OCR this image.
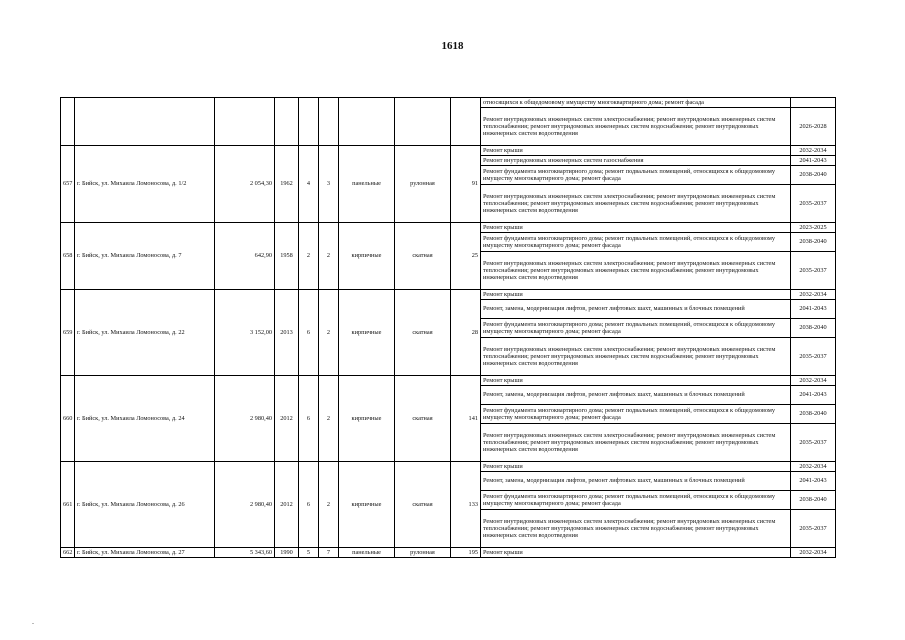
1618

									относящихся к общедомовому имуществу многоквартирного дома; ремонт фасада	

									Ремонт внутридомовых инженерных систем электроснабжения; ремонт внутридомовых инженерных систем теплоснабжения; ремонт внутридомовых инженерных систем водоснабжения; ремонт внутридомовых инженерных систем водоотведения	2026-2028
657	г. Бийск, ул. Михаила Ломоносова, д. 1/2	2 054,30	1962	4	3	панельные	рулонная	91	Ремонт крыши	2032-2034

									Ремонт внутридомовых инженерных систем газоснабжения	2041-2043

									Ремонт фундамента многоквартирного дома; ремонт подвальных помещений, относящихся к общедомовому имуществу многоквартирного дома; ремонт фасада	2038-2040

									Ремонт внутридомовых инженерных систем электроснабжения; ремонт внутридомовых инженерных систем теплоснабжения; ремонт внутридомовых инженерных систем водоснабжения; ремонт внутридомовых инженерных систем водоотведения	2035-2037
658	г. Бийск, ул. Михаила Ломоносова, д. 7	642,90	1958	2	2	кирпичные	скатная	25	Ремонт крыши	2023-2025

									Ремонт фундамента многоквартирного дома; ремонт подвальных помещений, относящихся к общедомовому имуществу многоквартирного дома; ремонт фасада	2038-2040

									Ремонт внутридомовых инженерных систем электроснабжения; ремонт внутридомовых инженерных систем теплоснабжения; ремонт внутридомовых инженерных систем водоснабжения; ремонт внутридомовых инженерных систем водоотведения	2035-2037
659	г. Бийск, ул. Михаила Ломоносова, д. 22	3 152,00	2013	6	2	кирпичные	скатная	28	Ремонт крыши	2032-2034

									Ремонт, замена, модернизация лифтов, ремонт лифтовых шахт, машинных и блочных помещений	2041-2043

									Ремонт фундамента многоквартирного дома; ремонт подвальных помещений, относящихся к общедомовому имуществу многоквартирного дома; ремонт фасада	2038-2040

									Ремонт внутридомовых инженерных систем электроснабжения; ремонт внутридомовых инженерных систем теплоснабжения; ремонт внутридомовых инженерных систем водоснабжения; ремонт внутридомовых инженерных систем водоотведения	2035-2037
660	г. Бийск, ул. Михаила Ломоносова, д. 24	2 980,40	2012	6	2	кирпичные	скатная	141	Ремонт крыши	2032-2034

									Ремонт, замена, модернизация лифтов, ремонт лифтовых шахт, машинных и блочных помещений	2041-2043

									Ремонт фундамента многоквартирного дома; ремонт подвальных помещений, относящихся к общедомовому имуществу многоквартирного дома; ремонт фасада	2038-2040

									Ремонт внутридомовых инженерных систем электроснабжения; ремонт внутридомовых инженерных систем теплоснабжения; ремонт внутридомовых инженерных систем водоснабжения; ремонт внутридомовых инженерных систем водоотведения	2035-2037
661	г. Бийск, ул. Михаила Ломоносова, д. 26	2 980,40	2012	6	2	кирпичные	скатная	133	Ремонт крыши	2032-2034

									Ремонт, замена, модернизация лифтов, ремонт лифтовых шахт, машинных и блочных помещений	2041-2043

									Ремонт фундамента многоквартирного дома; ремонт подвальных помещений, относящихся к общедомовому имуществу многоквартирного дома; ремонт фасада	2038-2040

									Ремонт внутридомовых инженерных систем электроснабжения; ремонт внутридомовых инженерных систем теплоснабжения; ремонт внутридомовых инженерных систем водоснабжения; ремонт внутридомовых инженерных систем водоотведения	2035-2037
662	г. Бийск, ул. Михаила Ломоносова, д. 27	5 343,60	1990	5	7	панельные	рулонная	195	Ремонт крыши	2032-2034
-
